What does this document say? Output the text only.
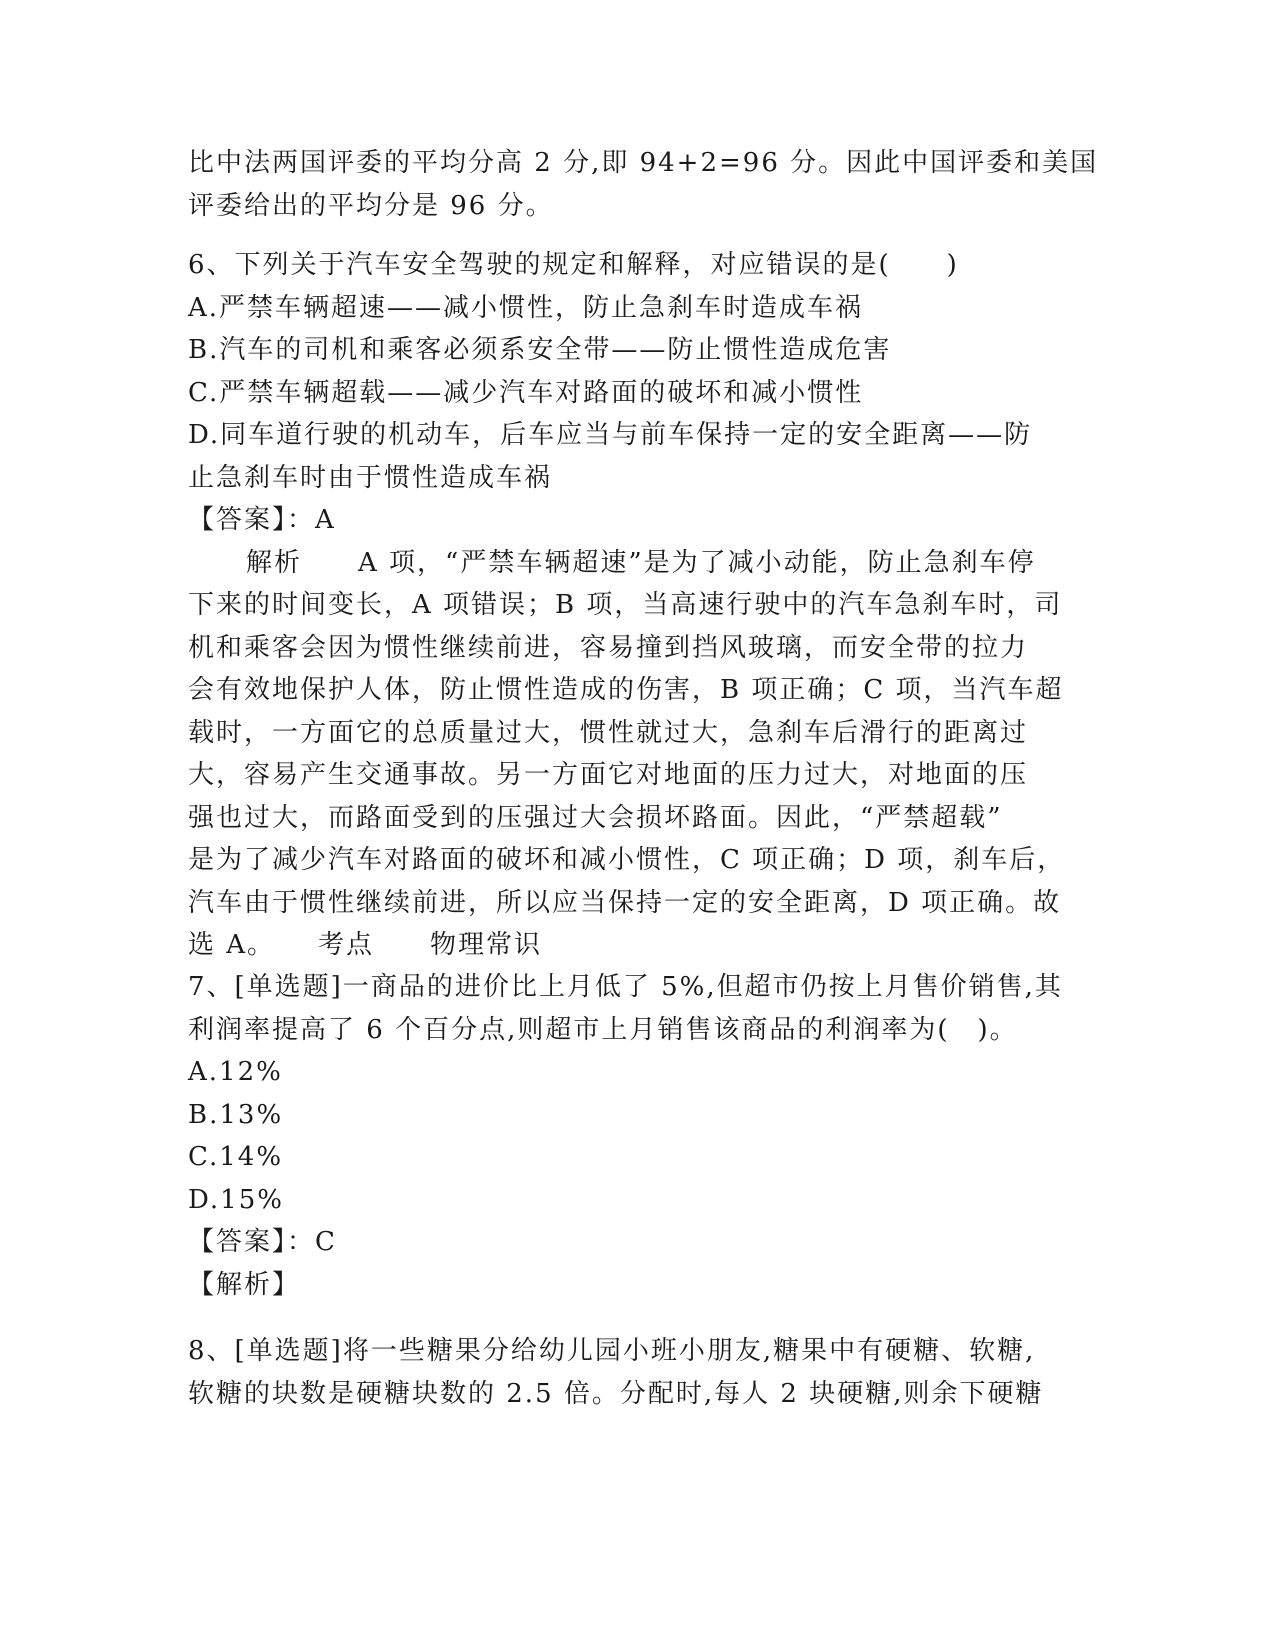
比中法两国评委的平均分高 2 分,即 94+2=96 分。因此中国评委和美国
评委给出的平均分是 96 分。
6、下列关于汽车安全驾驶的规定和解释，对应错误的是(　　)
A.严禁车辆超速——减小惯性，防止急刹车时造成车祸
B.汽车的司机和乘客必须系安全带——防止惯性造成危害
C.严禁车辆超载——减少汽车对路面的破坏和减小惯性
D.同车道行驶的机动车，后车应当与前车保持一定的安全距离——防
止急刹车时由于惯性造成车祸
【答案】：A
解析　　A 项，“严禁车辆超速”是为了减小动能，防止急刹车停
下来的时间变长，A 项错误；B 项，当高速行驶中的汽车急刹车时，司
机和乘客会因为惯性继续前进，容易撞到挡风玻璃，而安全带的拉力
会有效地保护人体，防止惯性造成的伤害，B 项正确；C 项，当汽车超
载时，一方面它的总质量过大，惯性就过大，急刹车后滑行的距离过
大，容易产生交通事故。另一方面它对地面的压力过大，对地面的压
强也过大，而路面受到的压强过大会损坏路面。因此，“严禁超载”
是为了减少汽车对路面的破坏和减小惯性，C 项正确；D 项，刹车后，
汽车由于惯性继续前进，所以应当保持一定的安全距离，D 项正确。故
选 A。　　考点　　物理常识
7、[单选题]一商品的进价比上月低了 5%,但超市仍按上月售价销售,其
利润率提高了 6 个百分点,则超市上月销售该商品的利润率为(　)。
A.12%
B.13%
C.14%
D.15%
【答案】：C
【解析】
8、[单选题]将一些糖果分给幼儿园小班小朋友,糖果中有硬糖、软糖,
软糖的块数是硬糖块数的 2.5 倍。分配时,每人 2 块硬糖,则余下硬糖
